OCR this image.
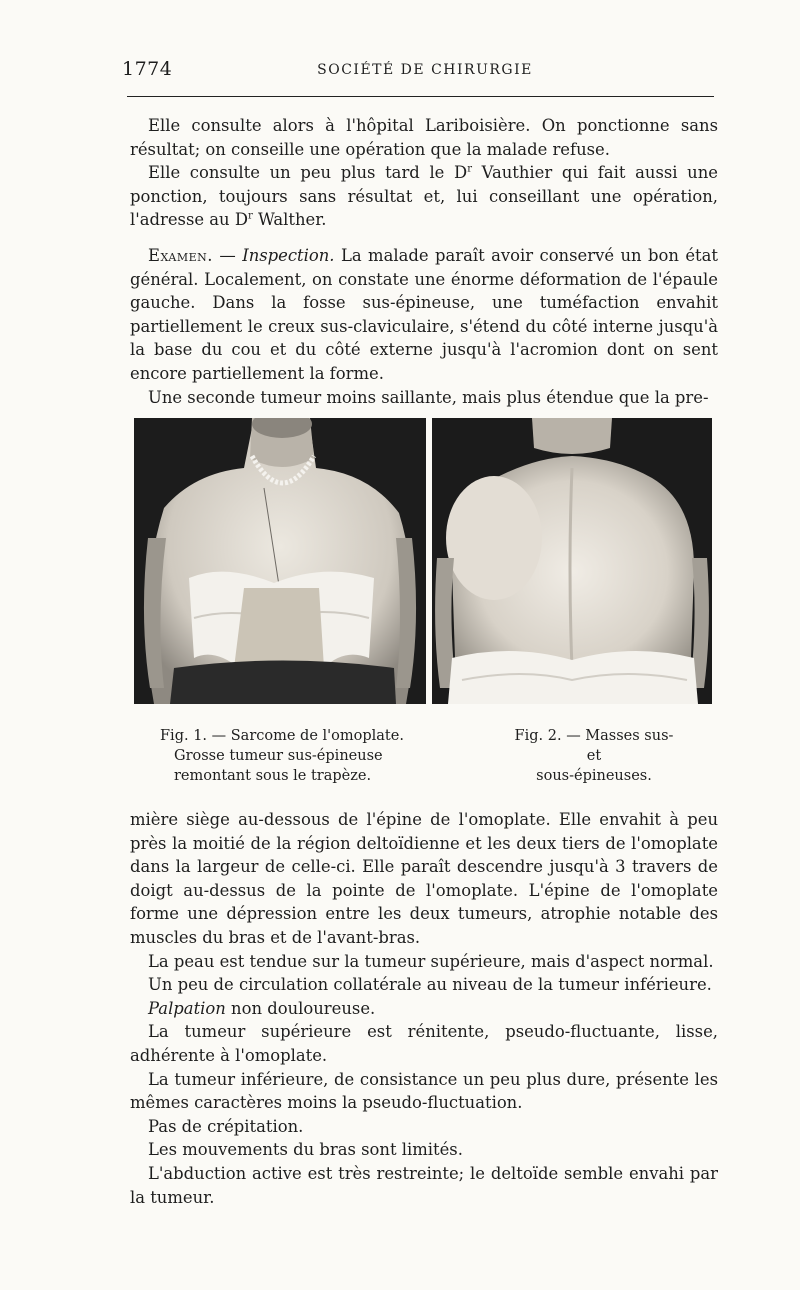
1774	SOCIÉTÉ DE CHIRURGIE

Elle consulte alors à l'hôpital Lariboisière. On ponctionne sans résultat; on conseille une opération que la malade refuse.

Elle consulte un peu plus tard le $D^r$ Vauthier qui fait aussi une ponction, toujours sans résultat et, lui conseillant une opération, l'adresse au $D^r$ Walther.

Examen. — Inspection. La malade paraît avoir conservé un bon état général. Localement, on constate une énorme déformation de l'épaule gauche. Dans la fosse sus-épineuse, une tuméfaction envahit partiellement le creux sus-claviculaire, s'étend du côté interne jusqu'à la base du cou et du côté externe jusqu'à l'acromion dont on sent encore partiellement la forme.

Une seconde tumeur moins saillante, mais plus étendue que la pre-

Fig. 1. — Sarcome de l'omoplate.
Grosse tumeur sus-épineuse
remontant sous le trapèze.
Fig. 2. — Masses sus-
et
sous-épineuses.

mière siège au-dessous de l'épine de l'omoplate. Elle envahit à peu près la moitié de la région deltoïdienne et les deux tiers de l'omoplate dans la largeur de celle-ci. Elle paraît descendre jusqu'à 3 travers de doigt au-dessus de la pointe de l'omoplate. L'épine de l'omoplate forme une dépression entre les deux tumeurs, atrophie notable des muscles du bras et de l'avant-bras.

La peau est tendue sur la tumeur supérieure, mais d'aspect normal.

Un peu de circulation collatérale au niveau de la tumeur inférieure.

Palpation non douloureuse.

La tumeur supérieure est rénitente, pseudo-fluctuante, lisse, adhérente à l'omoplate.

La tumeur inférieure, de consistance un peu plus dure, présente les mêmes caractères moins la pseudo-fluctuation.

Pas de crépitation.

Les mouvements du bras sont limités.

L'abduction active est très restreinte; le deltoïde semble envahi par la tumeur.
